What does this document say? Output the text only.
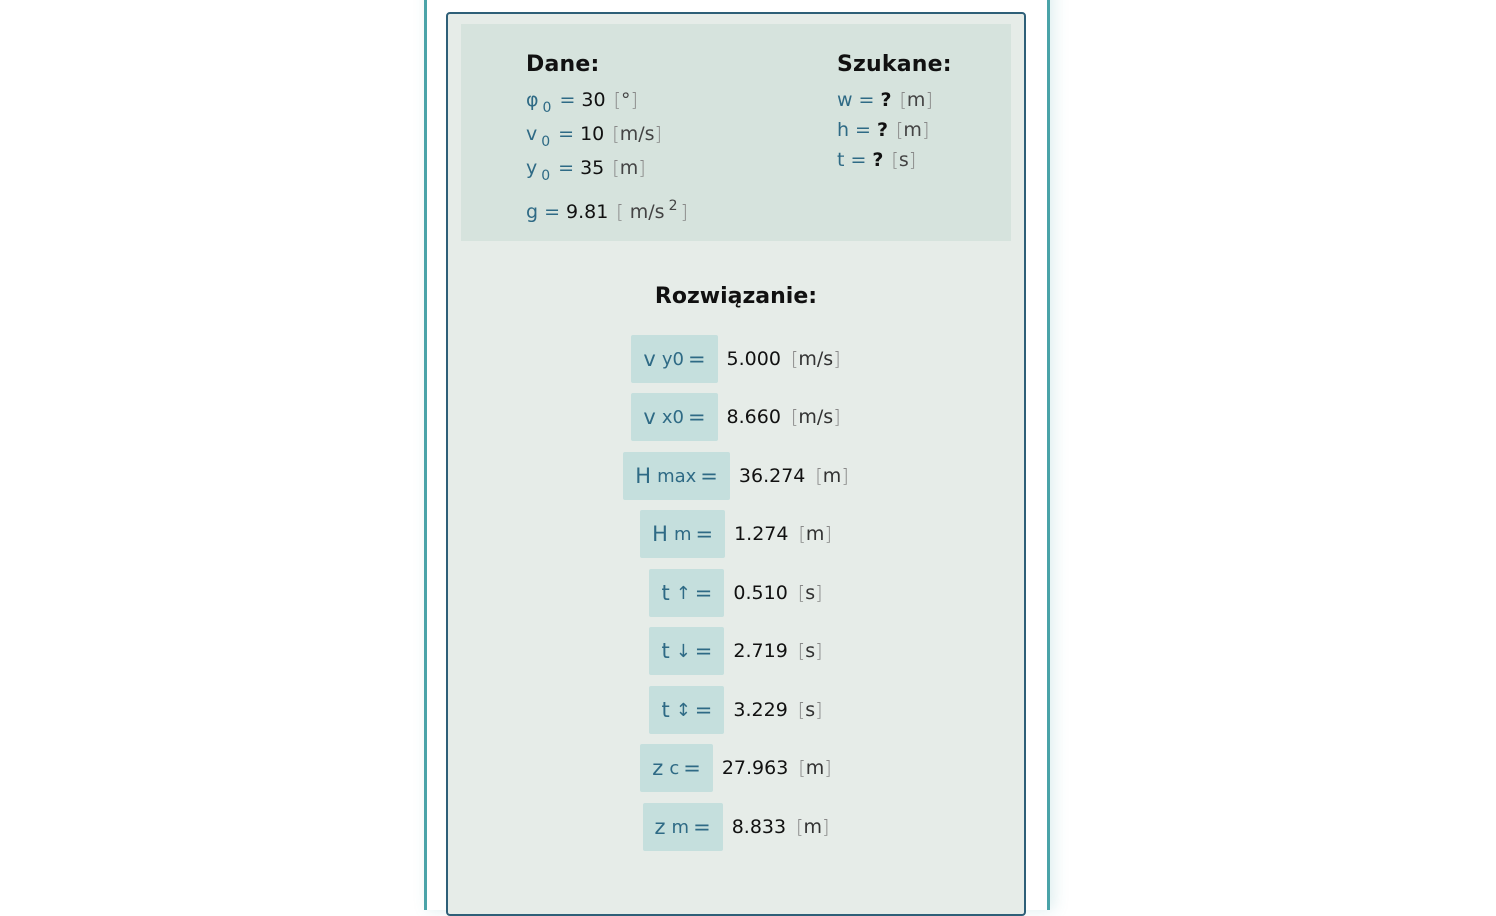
Dane:
φ $_0$ = 30 [°]
v $_0$ = 10 [m/s]
y $_0$ = 35 [m]
g = 9.81 [ m/s $^2$ ]
Szukane:
w = ? [m]
h = ? [m]
t = ? [s]
Rozwiązanie:
v y0 = 5.000 [m/s]
v x0 = 8.660 [m/s]
H max = 36.274 [m]
H m = 1.274 [m]
t ↑ = 0.510 [s]
t ↓ = 2.719 [s]
t ↕ = 3.229 [s]
z c = 27.963 [m]
z m = 8.833 [m]
